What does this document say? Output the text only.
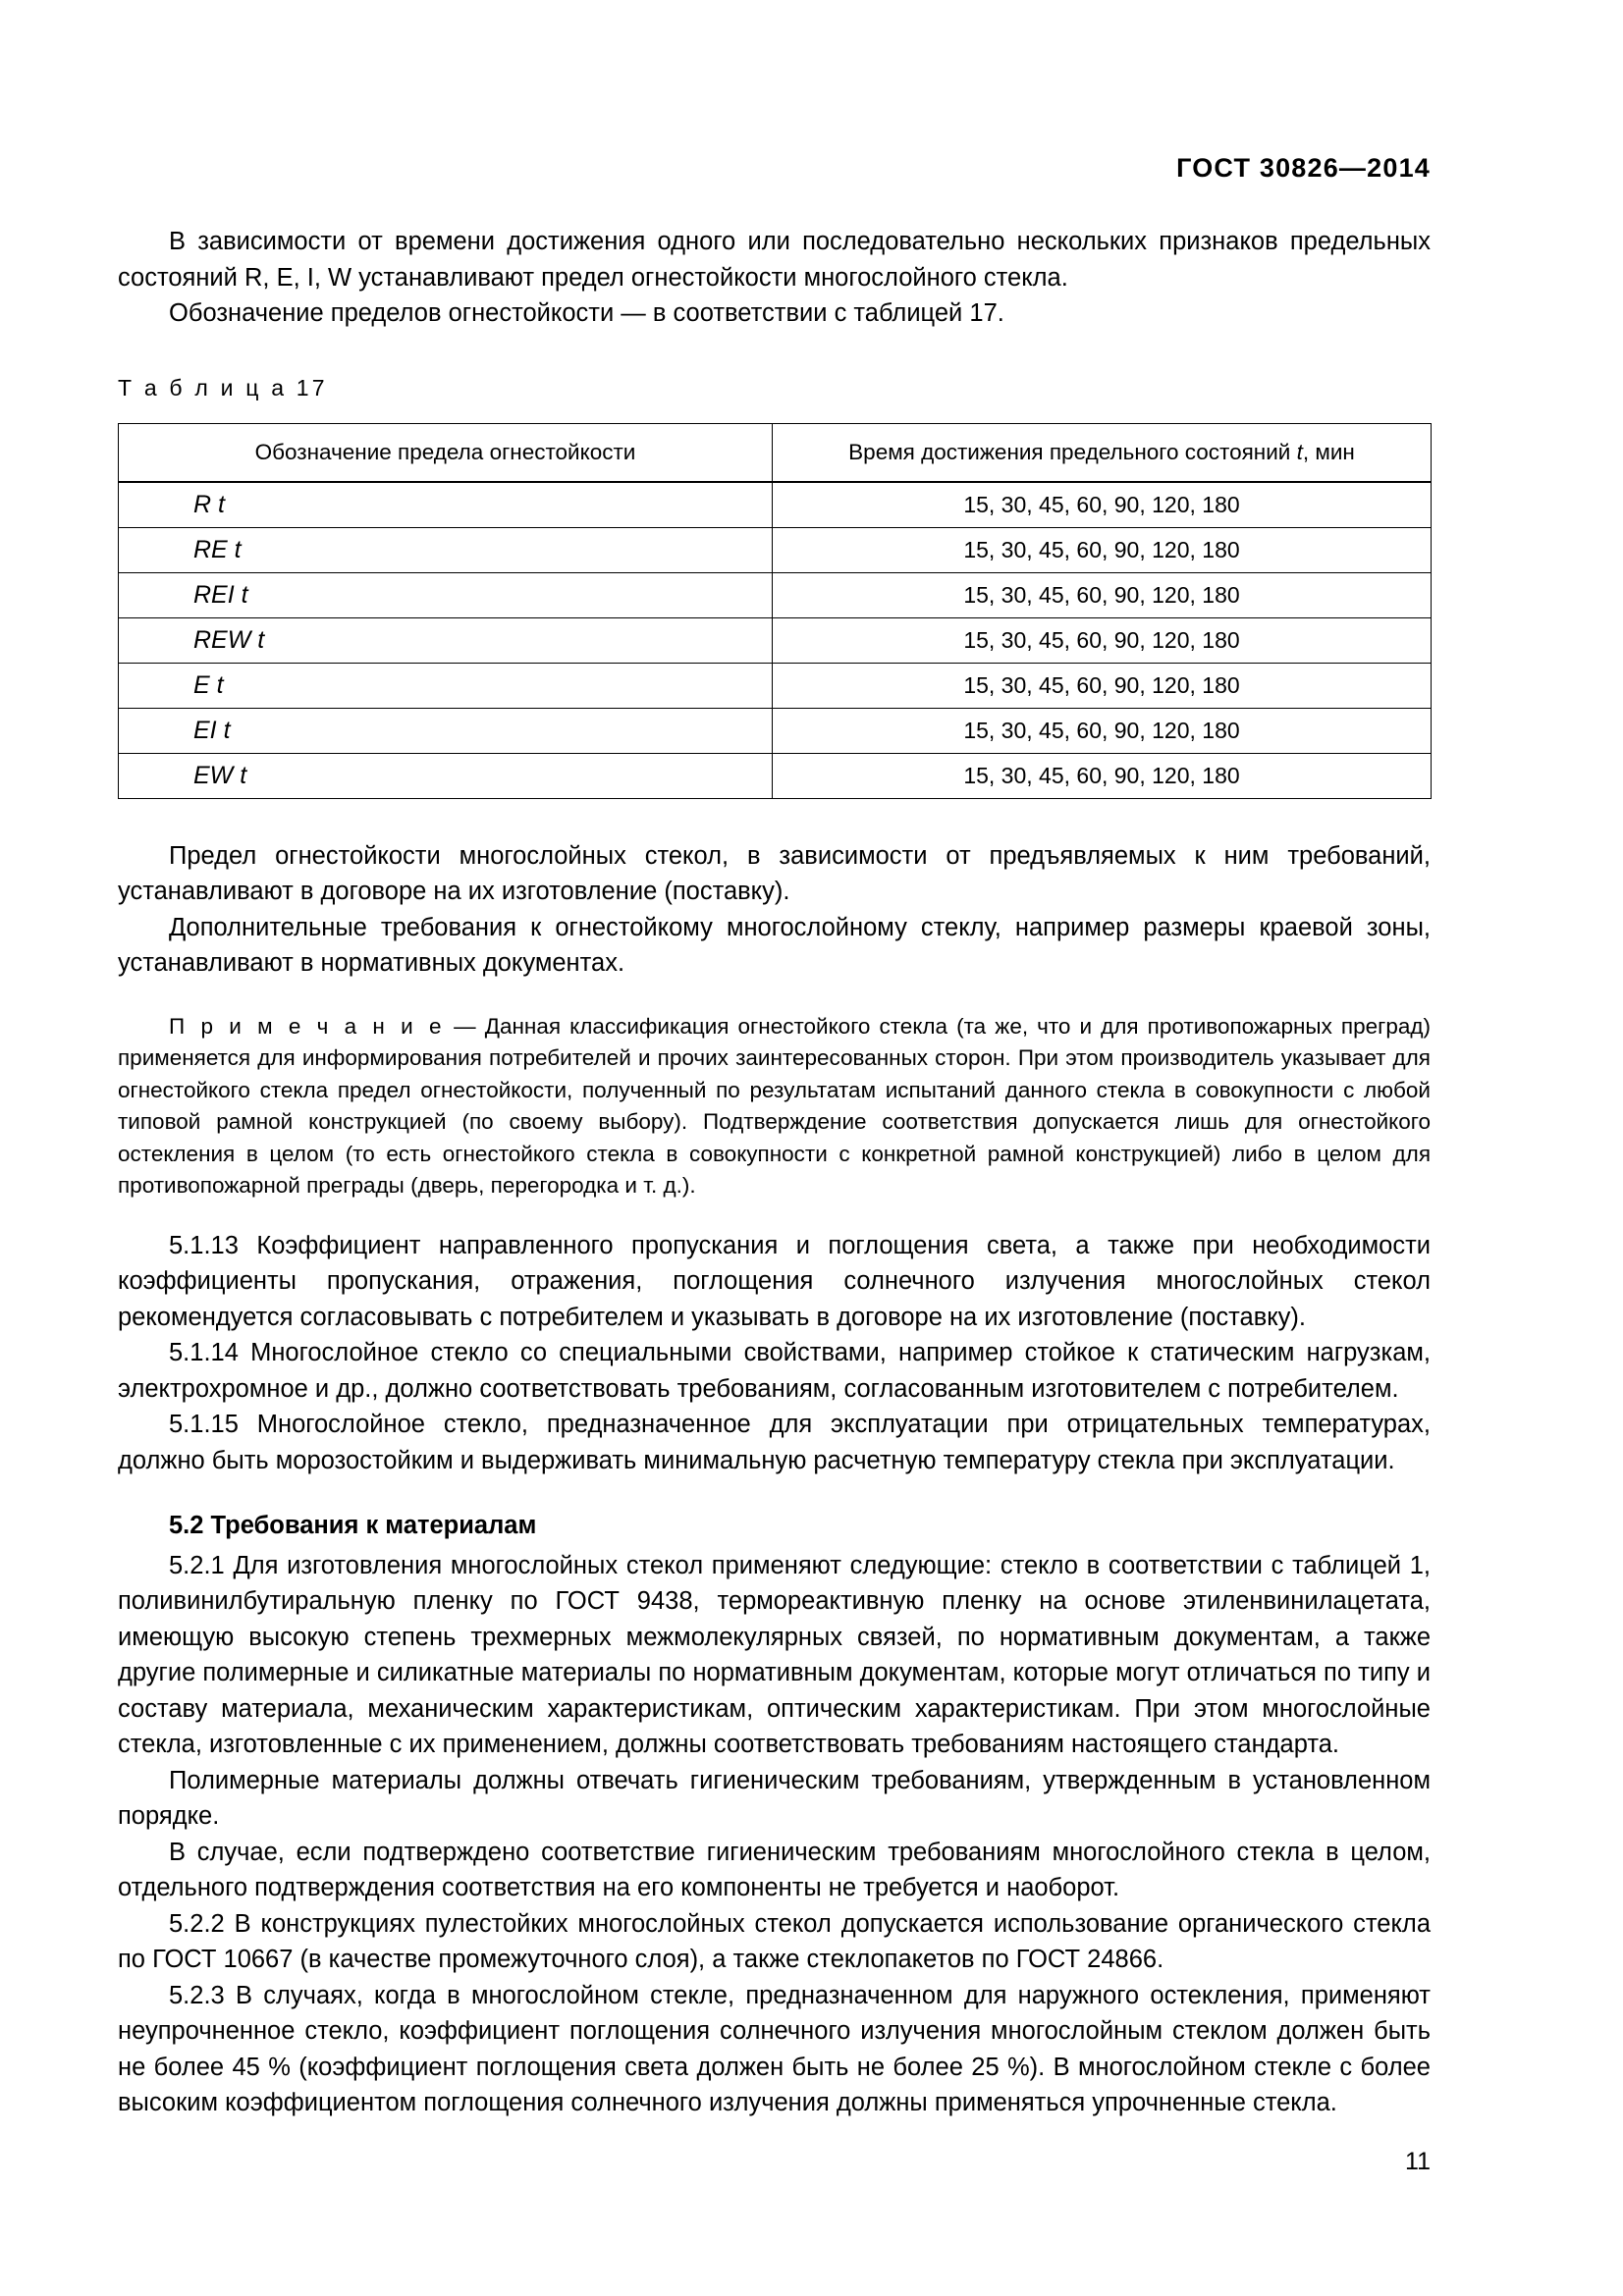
ГОСТ 30826—2014

В зависимости от времени достижения одного или последовательно нескольких признаков предельных состояний R, E, I, W устанавливают предел огнестойкости многослойного стекла.

Обозначение пределов огнестойкости — в соответствии с таблицей 17.

Т а б л и ц а 17

Обозначение предела огнестойкости	Время достижения предельного состояний t, мин
R t	15, 30, 45, 60, 90, 120, 180
RE t	15, 30, 45, 60, 90, 120, 180
REI t	15, 30, 45, 60, 90, 120, 180
REW t	15, 30, 45, 60, 90, 120, 180
E t	15, 30, 45, 60, 90, 120, 180
EI t	15, 30, 45, 60, 90, 120, 180
EW t	15, 30, 45, 60, 90, 120, 180

Предел огнестойкости многослойных стекол, в зависимости от предъявляемых к ним требований, устанавливают в договоре на их изготовление (поставку).

Дополнительные требования к огнестойкому многослойному стеклу, например размеры краевой зоны, устанавливают в нормативных документах.

П р и м е ч а н и е — Данная классификация огнестойкого стекла (та же, что и для противопожарных преград) применяется для информирования потребителей и прочих заинтересованных сторон. При этом производитель указывает для огнестойкого стекла предел огнестойкости, полученный по результатам испытаний данного стекла в совокупности с любой типовой рамной конструкцией (по своему выбору). Подтверждение соответствия допускается лишь для огнестойкого остекления в целом (то есть огнестойкого стекла в совокупности с конкретной рамной конструкцией) либо в целом для противопожарной преграды (дверь, перегородка и т. д.).

5.1.13 Коэффициент направленного пропускания и поглощения света, а также при необходимости коэффициенты пропускания, отражения, поглощения солнечного излучения многослойных стекол рекомендуется согласовывать с потребителем и указывать в договоре на их изготовление (поставку).

5.1.14 Многослойное стекло со специальными свойствами, например стойкое к статическим нагрузкам, электрохромное и др., должно соответствовать требованиям, согласованным изготовителем с потребителем.

5.1.15 Многослойное стекло, предназначенное для эксплуатации при отрицательных температурах, должно быть морозостойким и выдерживать минимальную расчетную температуру стекла при эксплуатации.

5.2 Требования к материалам

5.2.1 Для изготовления многослойных стекол применяют следующие: стекло в соответствии с таблицей 1, поливинилбутиральную пленку по ГОСТ 9438, термореактивную пленку на основе этиленвинилацетата, имеющую высокую степень трехмерных межмолекулярных связей, по нормативным документам, а также другие полимерные и силикатные материалы по нормативным документам, которые могут отличаться по типу и составу материала, механическим характеристикам, оптическим характеристикам. При этом многослойные стекла, изготовленные с их применением, должны соответствовать требованиям настоящего стандарта.

Полимерные материалы должны отвечать гигиеническим требованиям, утвержденным в установленном порядке.

В случае, если подтверждено соответствие гигиеническим требованиям многослойного стекла в целом, отдельного подтверждения соответствия на его компоненты не требуется и наоборот.

5.2.2 В конструкциях пулестойких многослойных стекол допускается использование органического стекла по ГОСТ 10667 (в качестве промежуточного слоя), а также стеклопакетов по ГОСТ 24866.

5.2.3 В случаях, когда в многослойном стекле, предназначенном для наружного остекления, применяют неупрочненное стекло, коэффициент поглощения солнечного излучения многослойным стеклом должен быть не более 45 % (коэффициент поглощения света должен быть не более 25 %). В многослойном стекле с более высоким коэффициентом поглощения солнечного излучения должны применяться упрочненные стекла.

11
